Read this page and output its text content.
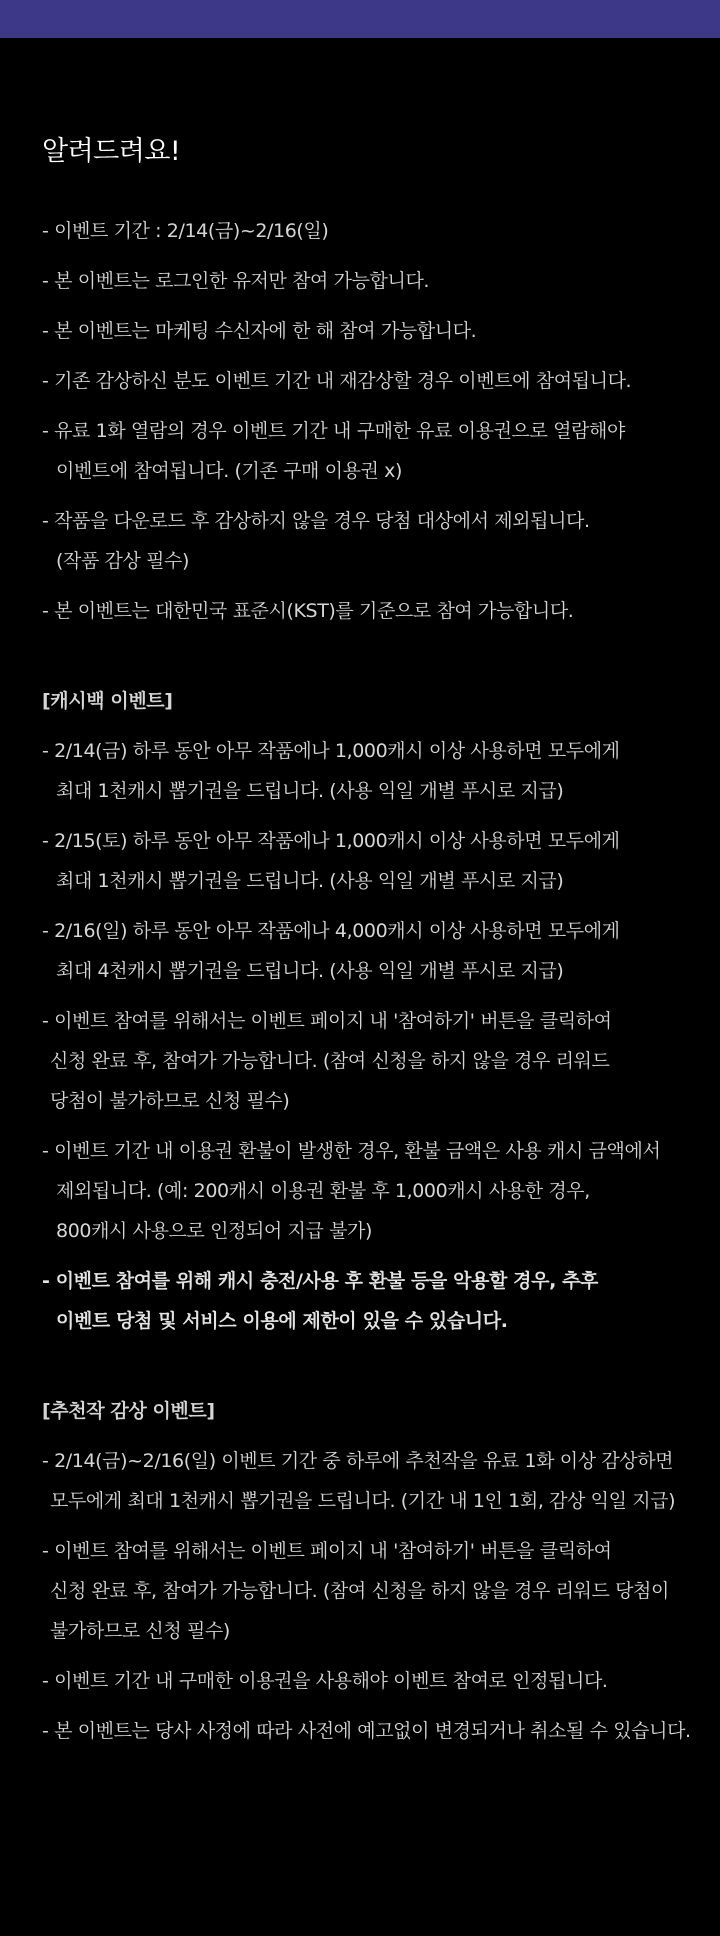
알려드려요!
- 이벤트 기간 : 2/14(금)~2/16(일)
- 본 이벤트는 로그인한 유저만 참여 가능합니다.
- 본 이벤트는 마케팅 수신자에 한 해 참여 가능합니다.
- 기존 감상하신 분도 이벤트 기간 내 재감상할 경우 이벤트에 참여됩니다.
- 유료 1화 열람의 경우 이벤트 기간 내 구매한 유료 이용권으로 열람해야
이벤트에 참여됩니다. (기존 구매 이용권 x)
- 작품을 다운로드 후 감상하지 않을 경우 당첨 대상에서 제외됩니다.
(작품 감상 필수)
- 본 이벤트는 대한민국 표준시(KST)를 기준으로 참여 가능합니다.
[캐시백 이벤트]
- 2/14(금) 하루 동안 아무 작품에나 1,000캐시 이상 사용하면 모두에게
최대 1천캐시 뽑기권을 드립니다. (사용 익일 개별 푸시로 지급)
- 2/15(토) 하루 동안 아무 작품에나 1,000캐시 이상 사용하면 모두에게
최대 1천캐시 뽑기권을 드립니다. (사용 익일 개별 푸시로 지급)
- 2/16(일) 하루 동안 아무 작품에나 4,000캐시 이상 사용하면 모두에게
최대 4천캐시 뽑기권을 드립니다. (사용 익일 개별 푸시로 지급)
- 이벤트 참여를 위해서는 이벤트 페이지 내 '참여하기' 버튼을 클릭하여
신청 완료 후, 참여가 가능합니다. (참여 신청을 하지 않을 경우 리워드
당첨이 불가하므로 신청 필수)
- 이벤트 기간 내 이용권 환불이 발생한 경우, 환불 금액은 사용 캐시 금액에서
제외됩니다. (예: 200캐시 이용권 환불 후 1,000캐시 사용한 경우,
800캐시 사용으로 인정되어 지급 불가)
- 이벤트 참여를 위해 캐시 충전/사용 후 환불 등을 악용할 경우, 추후
이벤트 당첨 및 서비스 이용에 제한이 있을 수 있습니다.
[추천작 감상 이벤트]
- 2/14(금)~2/16(일) 이벤트 기간 중 하루에 추천작을 유료 1화 이상 감상하면
모두에게 최대 1천캐시 뽑기권을 드립니다. (기간 내 1인 1회, 감상 익일 지급)
- 이벤트 참여를 위해서는 이벤트 페이지 내 '참여하기' 버튼을 클릭하여
신청 완료 후, 참여가 가능합니다. (참여 신청을 하지 않을 경우 리워드 당첨이
불가하므로 신청 필수)
- 이벤트 기간 내 구매한 이용권을 사용해야 이벤트 참여로 인정됩니다.
- 본 이벤트는 당사 사정에 따라 사전에 예고없이 변경되거나 취소될 수 있습니다.
